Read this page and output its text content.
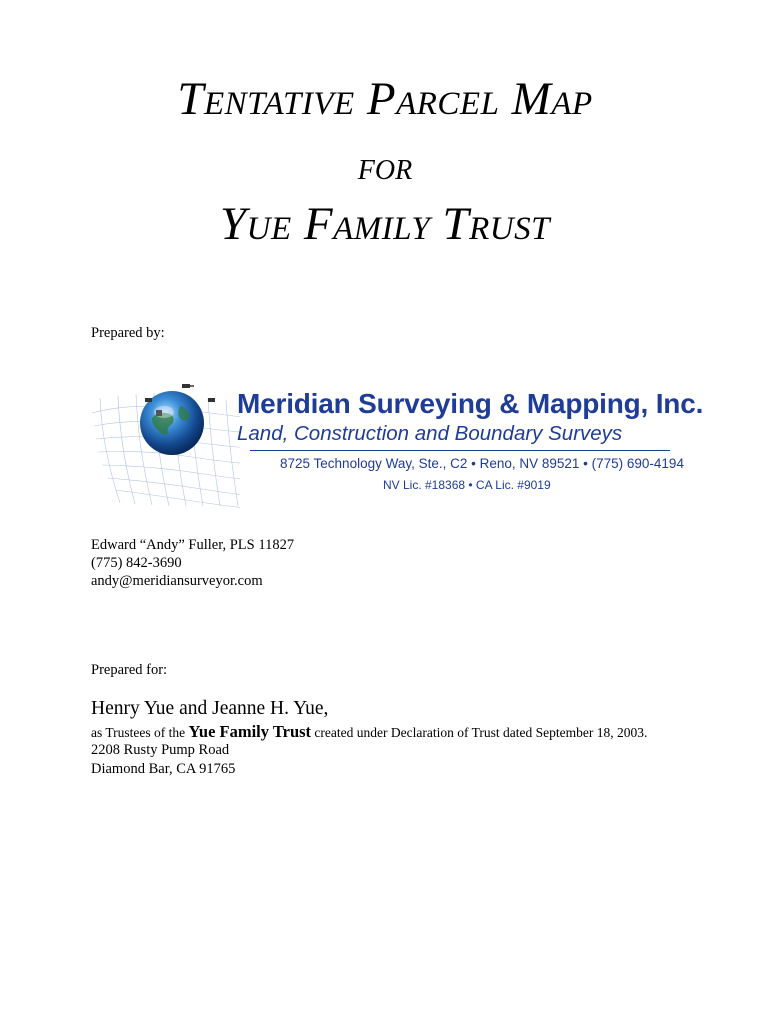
Tentative Parcel Map
for
Yue Family Trust
Prepared by:
Meridian Surveying & Mapping, Inc.
Land, Construction and Boundary Surveys
8725 Technology Way, Ste., C2 • Reno, NV 89521 • (775) 690-4194
NV Lic. #18368 • CA Lic. #9019
Edward “Andy” Fuller, PLS 11827
(775) 842-3690
andy@meridiansurveyor.com
Prepared for:
Henry Yue and Jeanne H. Yue,
as Trustees of the Yue Family Trust created under Declaration of Trust dated September 18, 2003.
2208 Rusty Pump Road
Diamond Bar, CA 91765
